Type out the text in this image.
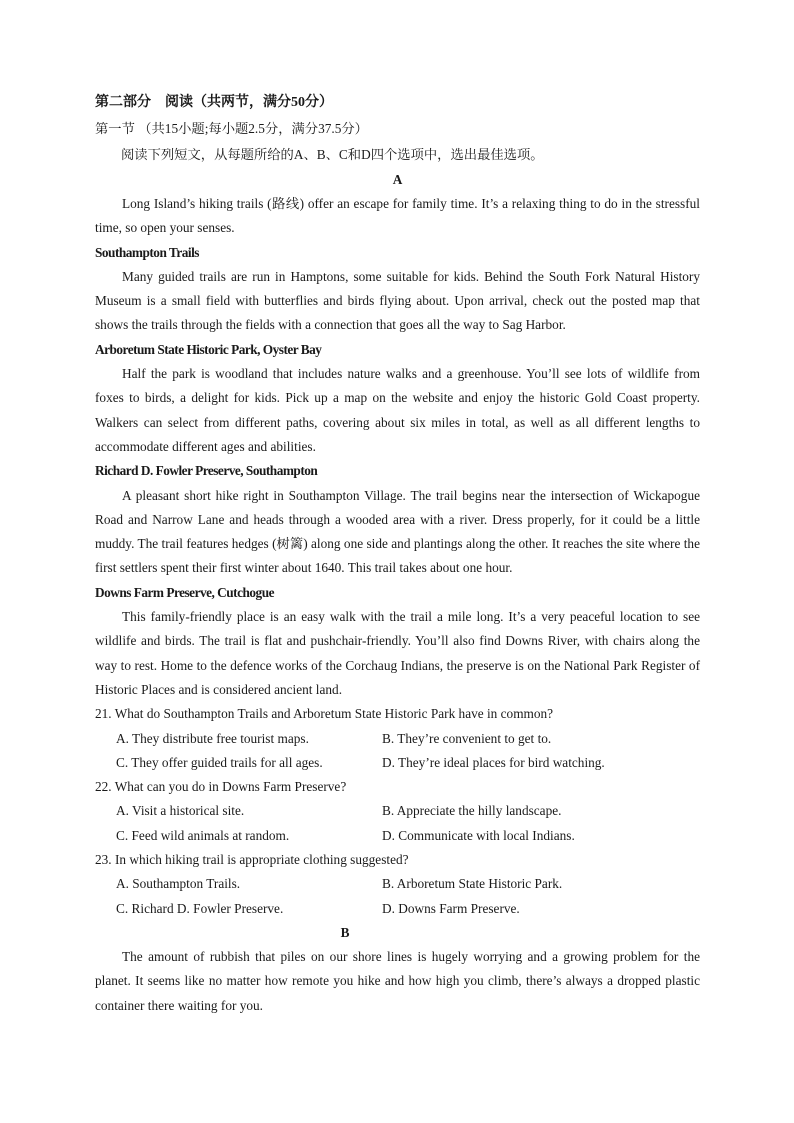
第二部分　阅读（共两节，满分50分）
第一节 （共15小题;每小题2.5分，满分37.5分）
阅读下列短文，从每题所给的A、B、C和D四个选项中，选出最佳选项。
A
Long Island’s hiking trails (路线) offer an escape for family time. It’s a relaxing thing to do in the stressful time, so open your senses.
Southampton Trails
Many guided trails are run in Hamptons, some suitable for kids. Behind the South Fork Natural History Museum is a small field with butterflies and birds flying about. Upon arrival, check out the posted map that shows the trails through the fields with a connection that goes all the way to Sag Harbor.
Arboretum State Historic Park, Oyster Bay
Half the park is woodland that includes nature walks and a greenhouse. You’ll see lots of wildlife from foxes to birds, a delight for kids. Pick up a map on the website and enjoy the historic Gold Coast property. Walkers can select from different paths, covering about six miles in total, as well as all different lengths to accommodate different ages and abilities.
Richard D. Fowler Preserve, Southampton
A pleasant short hike right in Southampton Village. The trail begins near the intersection of Wickapogue Road and Narrow Lane and heads through a wooded area with a river. Dress properly, for it could be a little muddy. The trail features hedges (树篱) along one side and plantings along the other. It reaches the site where the first settlers spent their first winter about 1640. This trail takes about one hour.
Downs Farm Preserve, Cutchogue
This family-friendly place is an easy walk with the trail a mile long. It’s a very peaceful location to see wildlife and birds. The trail is flat and pushchair-friendly. You’ll also find Downs River, with chairs along the way to rest. Home to the defence works of the Corchaug Indians, the preserve is on the National Park Register of Historic Places and is considered ancient land.
21. What do Southampton Trails and Arboretum State Historic Park have in common?
A. They distribute free tourist maps.	B. They’re convenient to get to.
C. They offer guided trails for all ages.	D. They’re ideal places for bird watching.
22. What can you do in Downs Farm Preserve?
A. Visit a historical site.	B. Appreciate the hilly landscape.
C. Feed wild animals at random.	D. Communicate with local Indians.
23. In which hiking trail is appropriate clothing suggested?
A. Southampton Trails.	B. Arboretum State Historic Park.
C. Richard D. Fowler Preserve.	D. Downs Farm Preserve.
B
The amount of rubbish that piles on our shore lines is hugely worrying and a growing problem for the planet. It seems like no matter how remote you hike and how high you climb, there’s always a dropped plastic container there waiting for you.
